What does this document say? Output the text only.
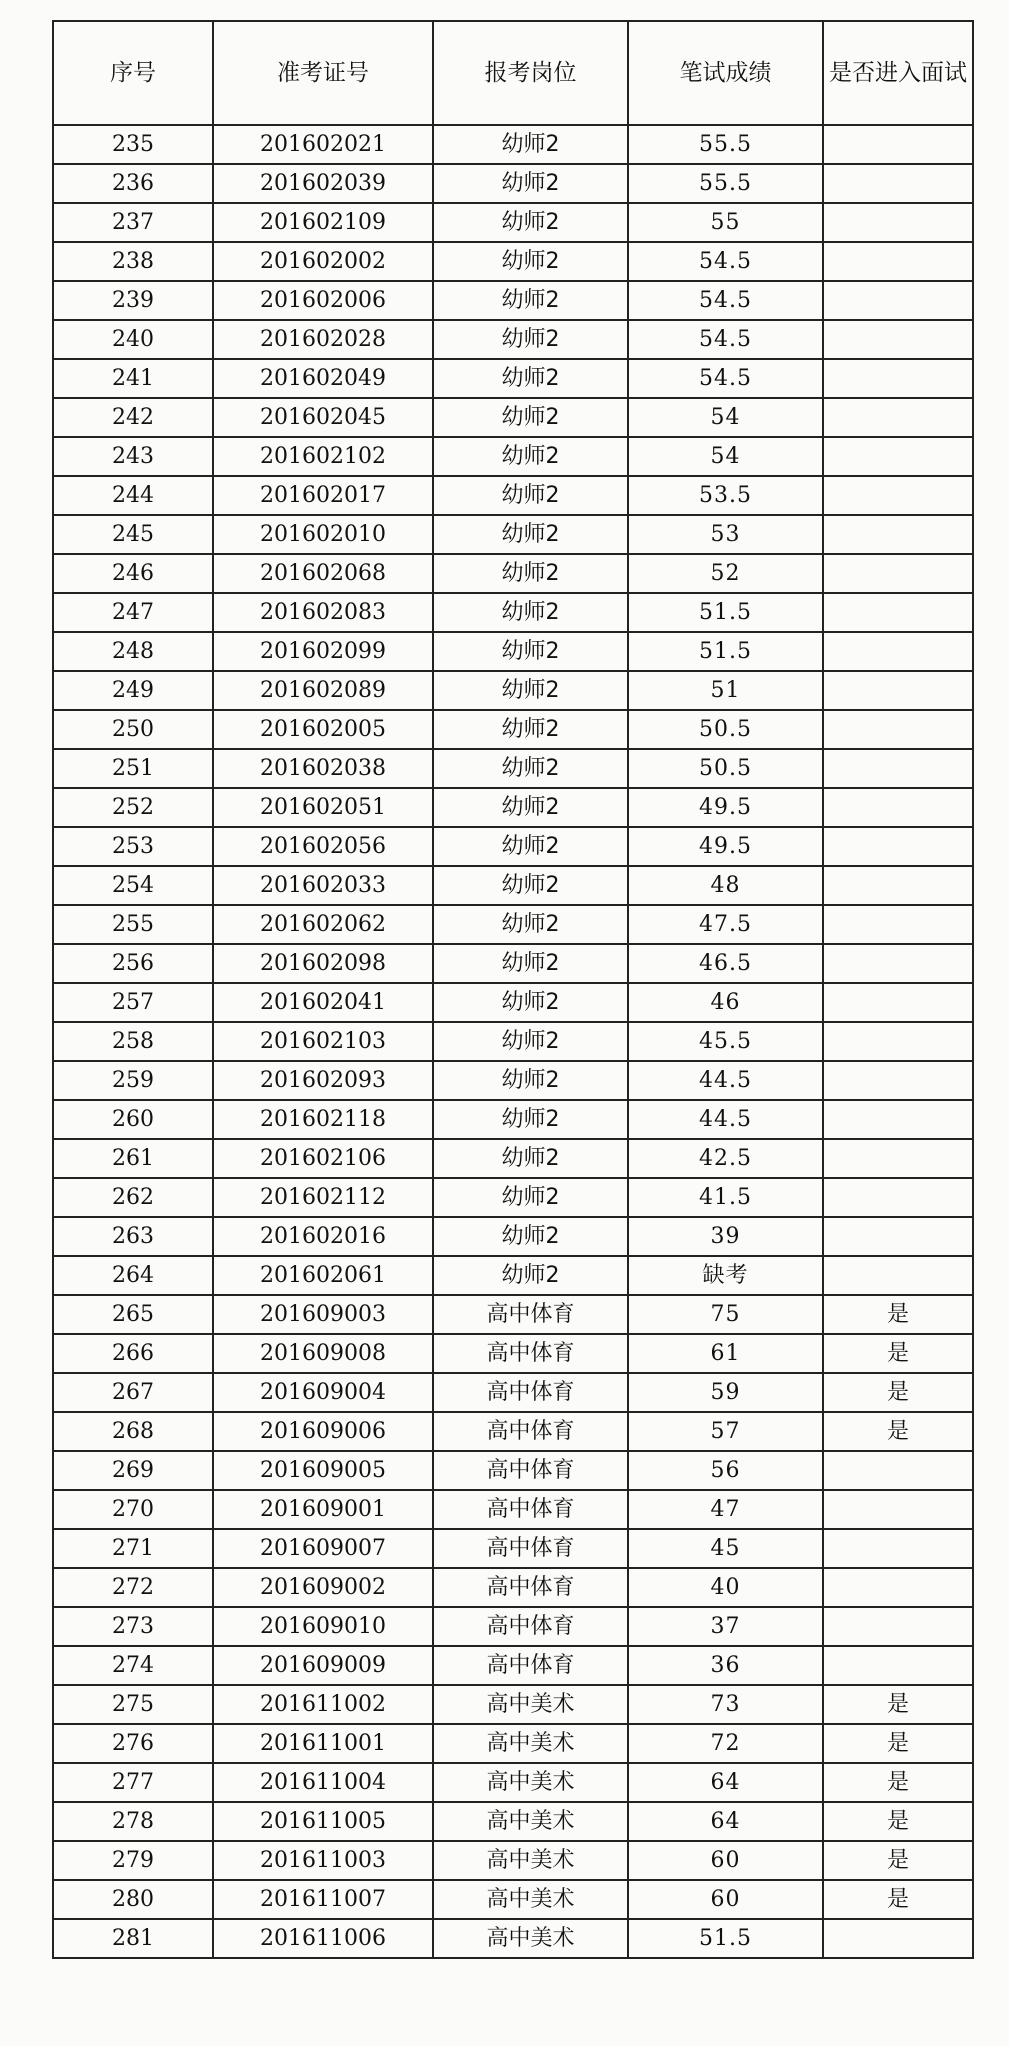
序号	准考证号	报考岗位	笔试成绩	是否进入面试
235	201602021	幼师2	55.5	
236	201602039	幼师2	55.5	
237	201602109	幼师2	55	
238	201602002	幼师2	54.5	
239	201602006	幼师2	54.5	
240	201602028	幼师2	54.5	
241	201602049	幼师2	54.5	
242	201602045	幼师2	54	
243	201602102	幼师2	54	
244	201602017	幼师2	53.5	
245	201602010	幼师2	53	
246	201602068	幼师2	52	
247	201602083	幼师2	51.5	
248	201602099	幼师2	51.5	
249	201602089	幼师2	51	
250	201602005	幼师2	50.5	
251	201602038	幼师2	50.5	
252	201602051	幼师2	49.5	
253	201602056	幼师2	49.5	
254	201602033	幼师2	48	
255	201602062	幼师2	47.5	
256	201602098	幼师2	46.5	
257	201602041	幼师2	46	
258	201602103	幼师2	45.5	
259	201602093	幼师2	44.5	
260	201602118	幼师2	44.5	
261	201602106	幼师2	42.5	
262	201602112	幼师2	41.5	
263	201602016	幼师2	39	
264	201602061	幼师2	缺考	
265	201609003	高中体育	75	是
266	201609008	高中体育	61	是
267	201609004	高中体育	59	是
268	201609006	高中体育	57	是
269	201609005	高中体育	56	
270	201609001	高中体育	47	
271	201609007	高中体育	45	
272	201609002	高中体育	40	
273	201609010	高中体育	37	
274	201609009	高中体育	36	
275	201611002	高中美术	73	是
276	201611001	高中美术	72	是
277	201611004	高中美术	64	是
278	201611005	高中美术	64	是
279	201611003	高中美术	60	是
280	201611007	高中美术	60	是
281	201611006	高中美术	51.5	
